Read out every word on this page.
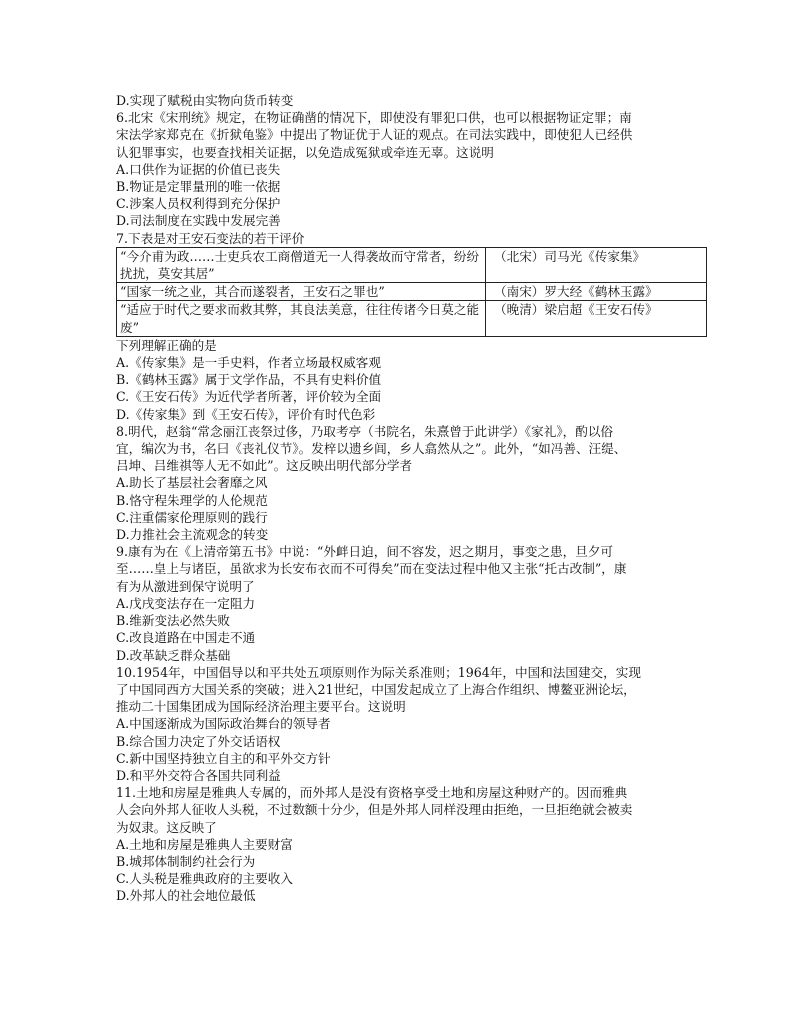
D.实现了赋税由实物向货币转变
6.北宋《宋刑统》规定，在物证确凿的情况下，即使没有罪犯口供，也可以根据物证定罪；南
宋法学家郑克在《折狱龟鉴》中提出了物证优于人证的观点。在司法实践中，即使犯人已经供
认犯罪事实，也要查找相关证据，以免造成冤狱或牵连无辜。这说明
A.口供作为证据的价值已丧失
B.物证是定罪量刑的唯一依据
C.涉案人员权利得到充分保护
D.司法制度在实践中发展完善
7.下表是对王安石变法的若干评价
“今介甫为政……士吏兵农工商僧道无一人得袭故而守常者，纷纷扰扰，莫安其居”	（北宋）司马光《传家集》
“国家一统之业，其合而遂裂者，王安石之罪也”	（南宋）罗大经《鹤林玉露》
“适应于时代之要求而救其弊，其良法美意，往往传诸今日莫之能废”	（晚清）梁启超《王安石传》
下列理解正确的是
A.《传家集》是一手史料，作者立场最权威客观
B.《鹤林玉露》属于文学作品，不具有史料价值
C.《王安石传》为近代学者所著，评价较为全面
D.《传家集》到《王安石传》，评价有时代色彩
8.明代，赵翁“常念丽江丧祭过侈，乃取考亭（书院名，朱熹曾于此讲学）《家礼》，酌以俗
宜，编次为书，名曰《丧礼仪节》。发梓以遗乡闾，乡人翕然从之”。此外，“如冯善、汪缇、
吕坤、吕维祺等人无不如此”。这反映出明代部分学者
A.助长了基层社会奢靡之风
B.恪守程朱理学的人伦规范
C.注重儒家伦理原则的践行
D.力推社会主流观念的转变
9.康有为在《上清帝第五书》中说：“外衅日迫，间不容发，迟之期月，事变之患，旦夕可
至……皇上与诸臣，虽欲求为长安布衣而不可得矣”而在变法过程中他又主张“托古改制”，康
有为从激进到保守说明了
A.戊戌变法存在一定阻力
B.维新变法必然失败
C.改良道路在中国走不通
D.改革缺乏群众基础
10.1954年，中国倡导以和平共处五项原则作为际关系准则；1964年，中国和法国建交，实现
了中国同西方大国关系的突破；进入21世纪，中国发起成立了上海合作组织、博鳌亚洲论坛，
推动二十国集团成为国际经济治理主要平台。这说明
A.中国逐渐成为国际政治舞台的领导者
B.综合国力决定了外交话语权
C.新中国坚持独立自主的和平外交方针
D.和平外交符合各国共同利益
11.土地和房屋是雅典人专属的，而外邦人是没有资格享受土地和房屋这种财产的。因而雅典
人会向外邦人征收人头税，不过数额十分少，但是外邦人同样没理由拒绝，一旦拒绝就会被卖
为奴隶。这反映了
A.土地和房屋是雅典人主要财富
B.城邦体制制约社会行为
C.人头税是雅典政府的主要收入
D.外邦人的社会地位最低
